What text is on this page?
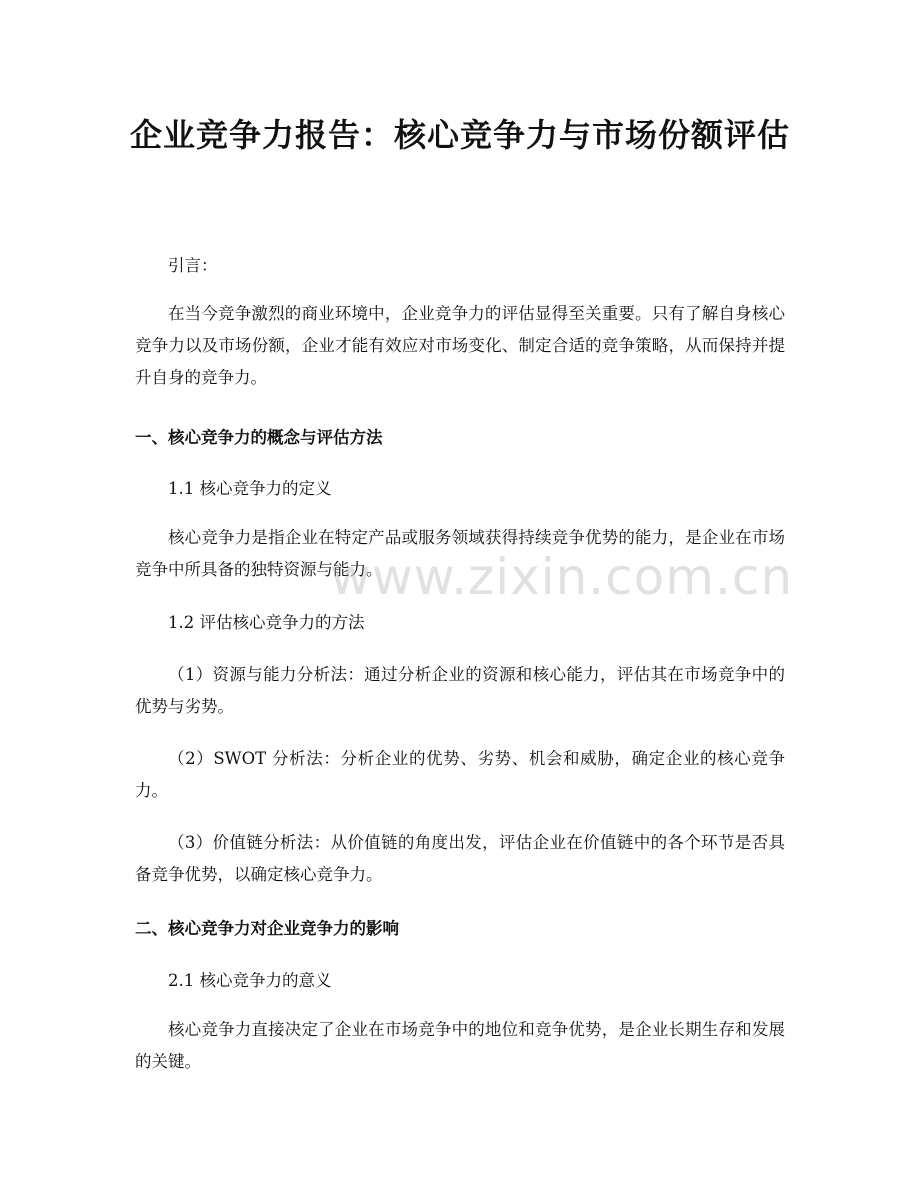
企业竞争力报告：核心竞争力与市场份额评估

引言：

在当今竞争激烈的商业环境中，企业竞争力的评估显得至关重要。只有了解自身核心竞争力以及市场份额，企业才能有效应对市场变化、制定合适的竞争策略，从而保持并提升自身的竞争力。

一、核心竞争力的概念与评估方法

1.1 核心竞争力的定义

核心竞争力是指企业在特定产品或服务领域获得持续竞争优势的能力，是企业在市场竞争中所具备的独特资源与能力。

1.2 评估核心竞争力的方法

（1）资源与能力分析法：通过分析企业的资源和核心能力，评估其在市场竞争中的优势与劣势。

（2）SWOT 分析法：分析企业的优势、劣势、机会和威胁，确定企业的核心竞争力。

（3）价值链分析法：从价值链的角度出发，评估企业在价值链中的各个环节是否具备竞争优势，以确定核心竞争力。

二、核心竞争力对企业竞争力的影响

2.1 核心竞争力的意义

核心竞争力直接决定了企业在市场竞争中的地位和竞争优势，是企业长期生存和发展的关键。

www.zixin.com.cn
